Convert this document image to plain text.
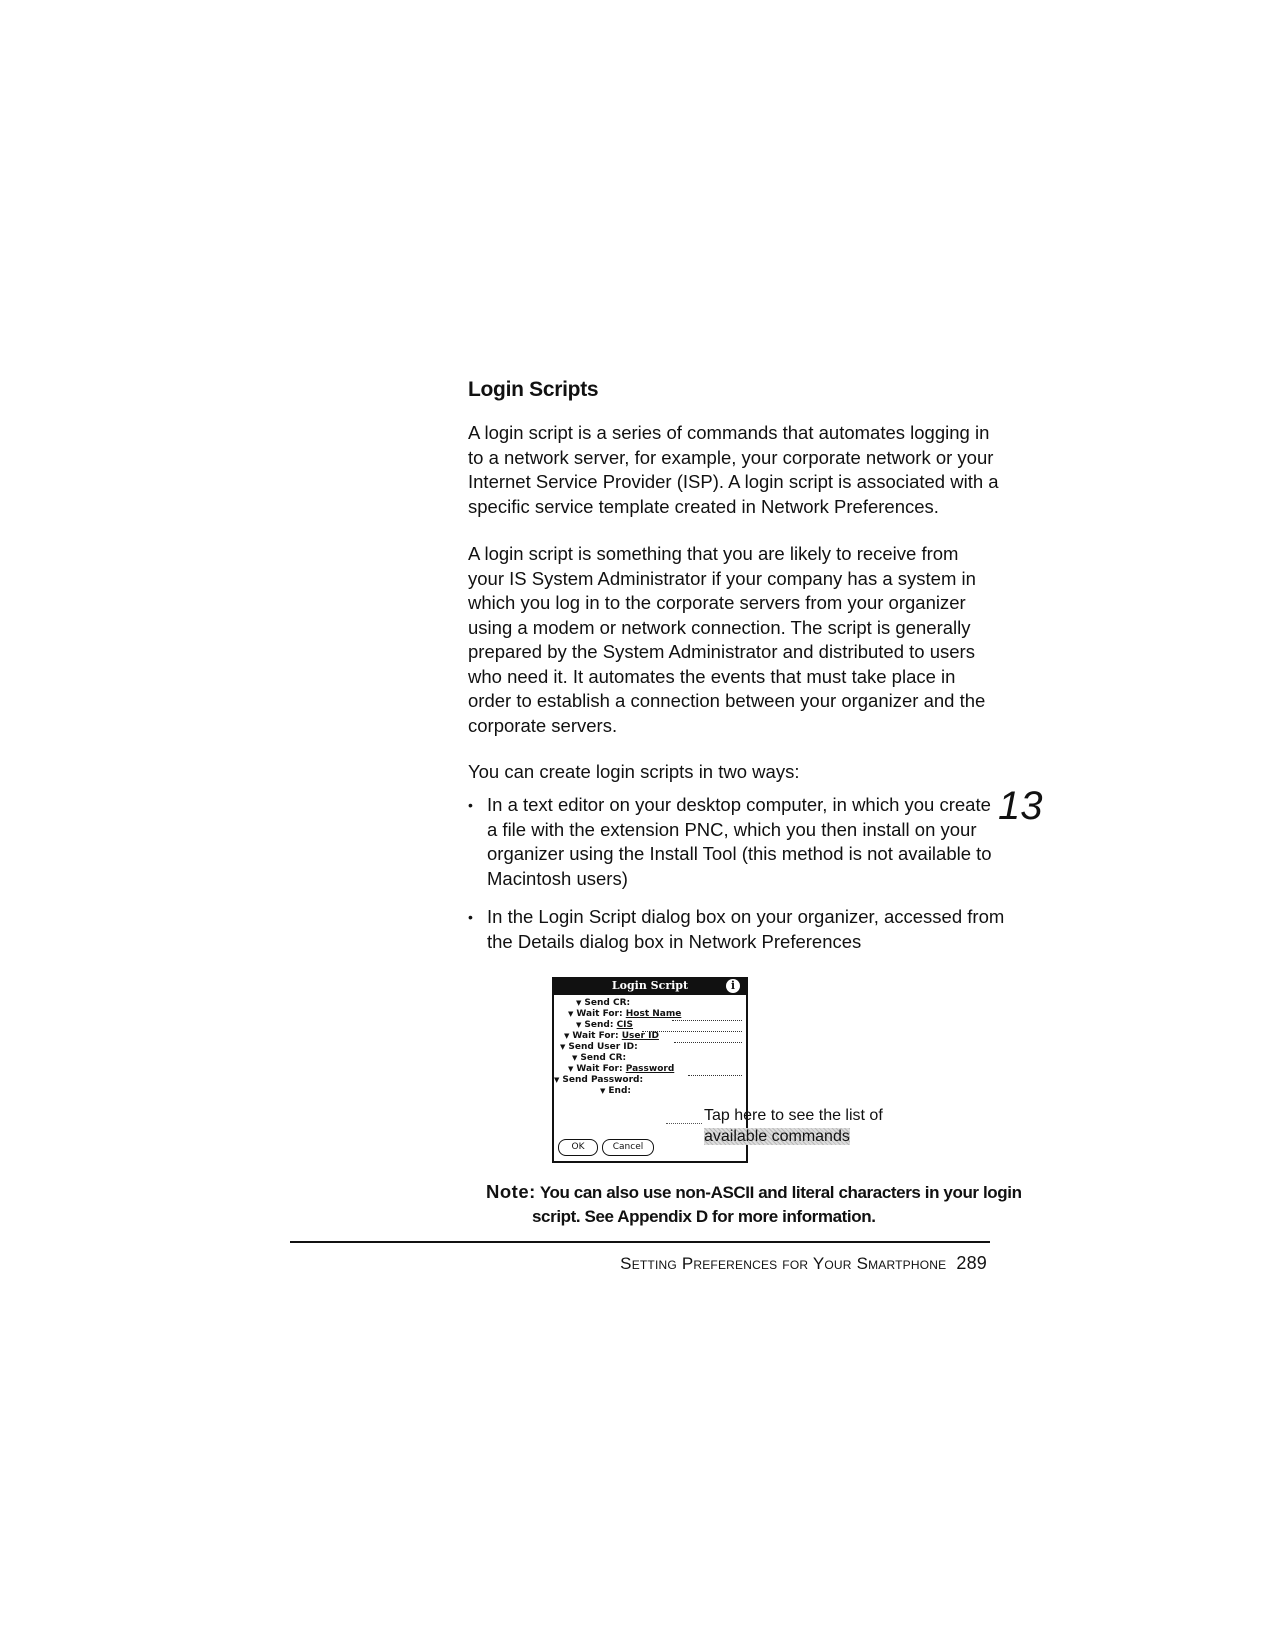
Login Scripts

A login script is a series of commands that automates logging in
to a network server, for example, your corporate network or your
Internet Service Provider (ISP). A login script is associated with a
specific service template created in Network Preferences.

A login script is something that you are likely to receive from
your IS System Administrator if your company has a system in
which you log in to the corporate servers from your organizer
using a modem or network connection. The script is generally
prepared by the System Administrator and distributed to users
who need it. It automates the events that must take place in
order to establish a connection between your organizer and the
corporate servers.

You can create login scripts in two ways:

• In a text editor on your desktop computer, in which you create
a file with the extension PNC, which you then install on your
organizer using the Install Tool (this method is not available to
Macintosh users)
• In the Login Script dialog box on your organizer, accessed from
the Details dialog box in Network Preferences
13
Login Script	i
▼ Send CR:
▼ Wait For: Host Name
▼ Send: CIS
▼ Wait For: User ID
▼ Send User ID:
▼ Send CR:
▼ Wait For: Password
▼ Send Password:
▼ End:
OK	Cancel
Tap here to see the list of
available commands
Note: You can also use non-ASCII and literal characters in your login
script. See Appendix D for more information.
Setting Preferences for Your Smartphone 289
